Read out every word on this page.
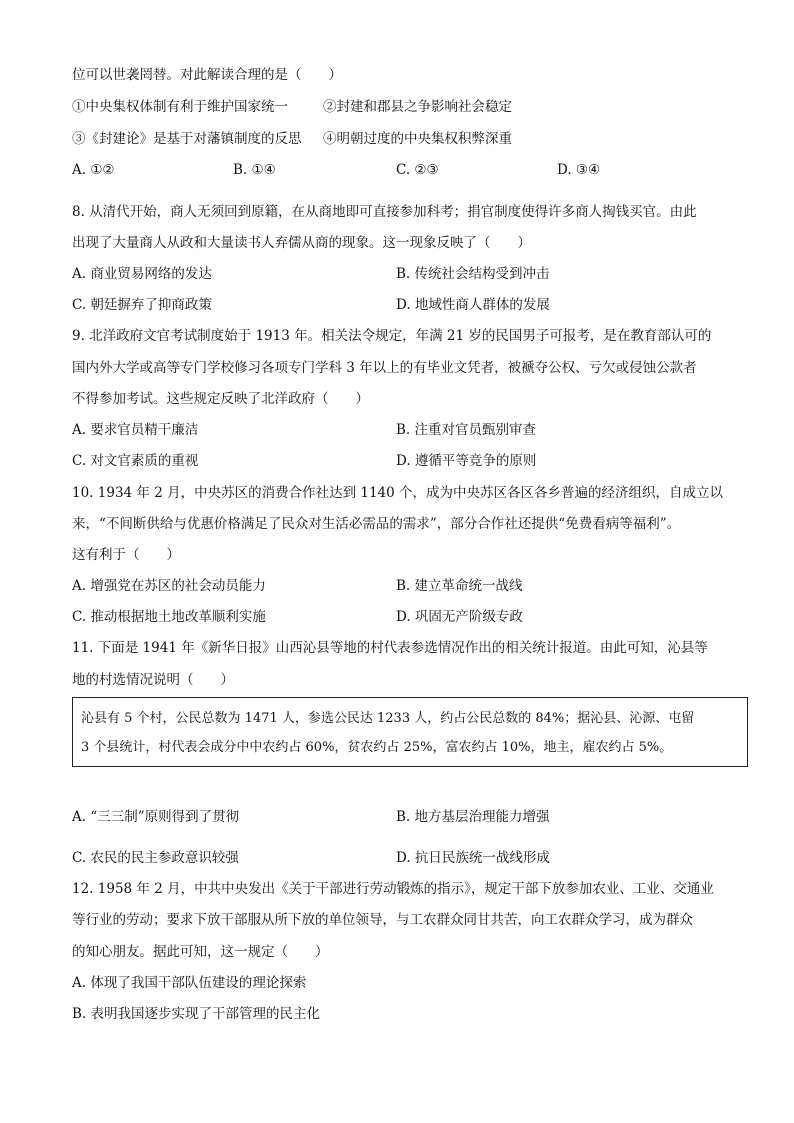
位可以世袭罔替。对此解读合理的是（　　）
①中央集权体制有利于维护国家统一	②封建和郡县之争影响社会稳定
③《封建论》是基于对藩镇制度的反思 ④明朝过度的中央集权积弊深重
A. ①②	B. ①④	C. ②③	D. ③④
8. 从清代开始，商人无须回到原籍，在从商地即可直接参加科考；捐官制度使得许多商人掏钱买官。由此
出现了大量商人从政和大量读书人弃儒从商的现象。这一现象反映了（　　）
A. 商业贸易网络的发达	B. 传统社会结构受到冲击
C. 朝廷摒弃了抑商政策	D. 地域性商人群体的发展
9. 北洋政府文官考试制度始于 1913 年。相关法令规定，年满 21 岁的民国男子可报考，是在教育部认可的
国内外大学或高等专门学校修习各项专门学科 3 年以上的有毕业文凭者，被褫夺公权、亏欠或侵蚀公款者
不得参加考试。这些规定反映了北洋政府（　　）
A. 要求官员精干廉洁	B. 注重对官员甄别审查
C. 对文官素质的重视	D. 遵循平等竞争的原则
10. 1934 年 2 月，中央苏区的消费合作社达到 1140 个，成为中央苏区各区各乡普遍的经济组织，自成立以
来，“不间断供给与优惠价格满足了民众对生活必需品的需求”，部分合作社还提供“免费看病等福利”。
这有利于（　　）
A. 增强党在苏区的社会动员能力	B. 建立革命统一战线
C. 推动根据地土地改革顺利实施	D. 巩固无产阶级专政
11. 下面是 1941 年《新华日报》山西沁县等地的村代表参选情况作出的相关统计报道。由此可知，沁县等
地的村选情况说明（　　）
沁县有 5 个村，公民总数为 1471 人，参选公民达 1233 人，约占公民总数的 84%；据沁县、沁源、屯留
3 个县统计，村代表会成分中中农约占 60%，贫农约占 25%，富农约占 10%，地主，雇农约占 5%。
A. “三三制”原则得到了贯彻	B. 地方基层治理能力增强
C. 农民的民主参政意识较强	D. 抗日民族统一战线形成
12. 1958 年 2 月，中共中央发出《关于干部进行劳动锻炼的指示》，规定干部下放参加农业、工业、交通业
等行业的劳动；要求下放干部服从所下放的单位领导，与工农群众同甘共苦，向工农群众学习，成为群众
的知心朋友。据此可知，这一规定（　　）
A. 体现了我国干部队伍建设的理论探索
B. 表明我国逐步实现了干部管理的民主化
